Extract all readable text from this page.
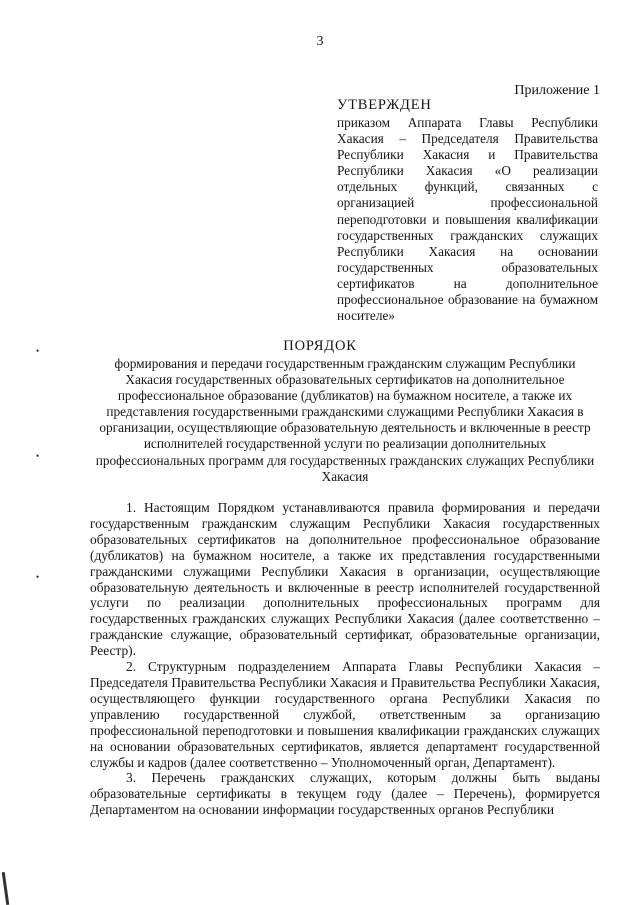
3
Приложение 1
УТВЕРЖДЕН
приказом Аппарата Главы Республики Хакасия – Председателя Правительства Республики Хакасия и Правительства Республики Хакасия «О реализации отдельных функций, связанных с организацией профессиональной переподготовки и повышения квалификации государственных гражданских служащих Республики Хакасия на основании государственных образовательных сертификатов на дополнительное профессиональное образование на бумажном носителе»
ПОРЯДОК
формирования и передачи государственным гражданским служащим Республики Хакасия государственных образовательных сертификатов на дополнительное профессиональное образование (дубликатов) на бумажном носителе, а также их представления государственными гражданскими служащими Республики Хакасия в организации, осуществляющие образовательную деятельность и включенные в реестр исполнителей государственной услуги по реализации дополнительных профессиональных программ для государственных гражданских служащих Республики Хакасия

1. Настоящим Порядком устанавливаются правила формирования и передачи государственным гражданским служащим Республики Хакасия государственных образовательных сертификатов на дополнительное профессиональное образование (дубликатов) на бумажном носителе, а также их представления государственными гражданскими служащими Республики Хакасия в организации, осуществляющие образовательную деятельность и включенные в реестр исполнителей государственной услуги по реализации дополнительных профессиональных программ для государственных гражданских служащих Республики Хакасия (далее соответственно – гражданские служащие, образовательный сертификат, образовательные организации, Реестр).

2. Структурным подразделением Аппарата Главы Республики Хакасия – Председателя Правительства Республики Хакасия и Правительства Республики Хакасия, осуществляющего функции государственного органа Республики Хакасия по управлению государственной службой, ответственным за организацию профессиональной переподготовки и повышения квалификации гражданских служащих на основании образовательных сертификатов, является департамент государственной службы и кадров (далее соответственно – Уполномоченный орган, Департамент).

3. Перечень гражданских служащих, которым должны быть выданы образовательные сертификаты в текущем году (далее – Перечень), формируется Департаментом на основании информации государственных органов Республики

•
•
•
